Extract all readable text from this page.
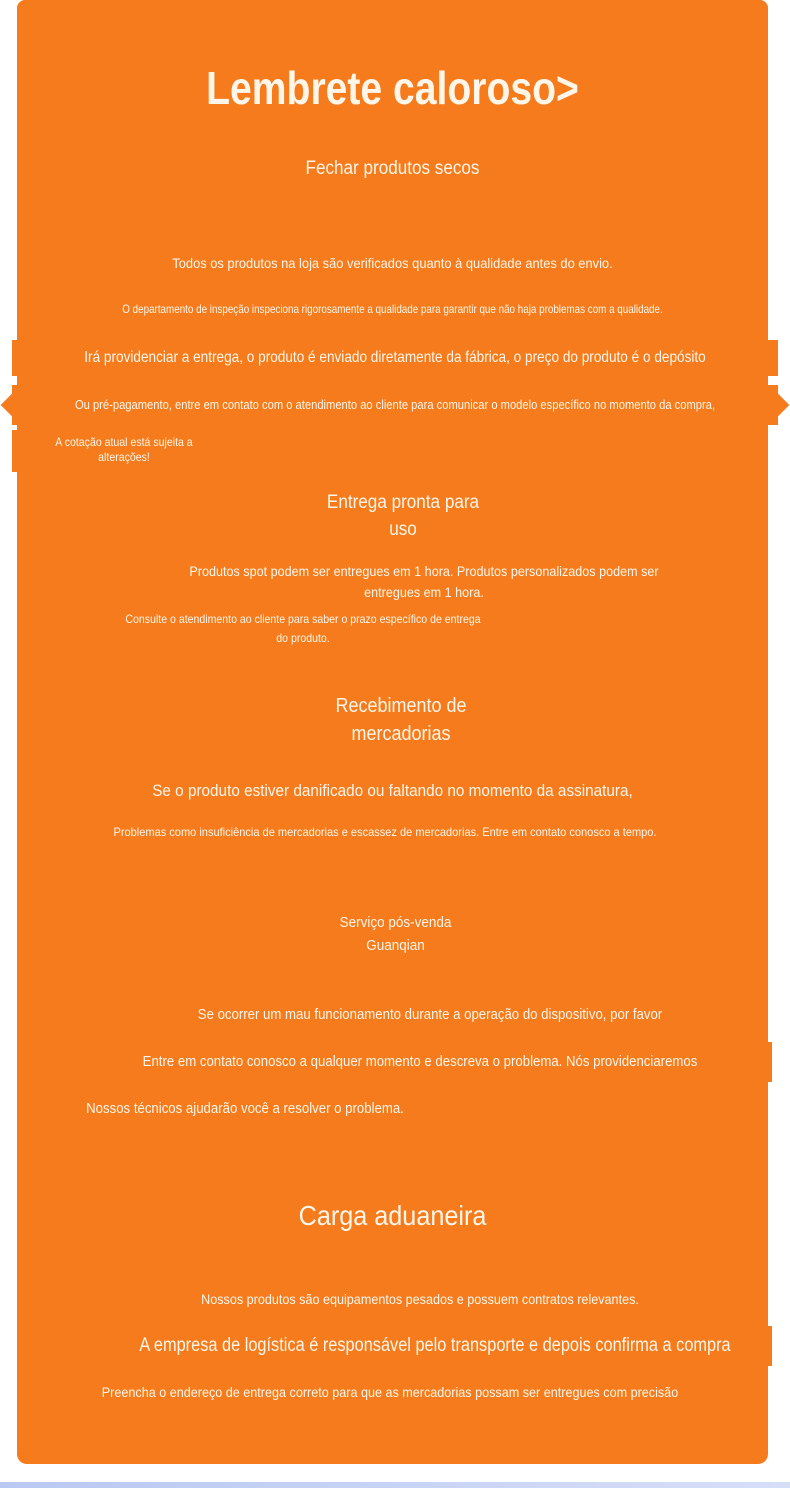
Lembrete caloroso>
Fechar produtos secos
Todos os produtos na loja são verificados quanto à qualidade antes do envio.
O departamento de inspeção inspeciona rigorosamente a qualidade para garantir que não haja problemas com a qualidade.
Irá providenciar a entrega, o produto é enviado diretamente da fábrica, o preço do produto é o depósito
Ou pré-pagamento, entre em contato com o atendimento ao cliente para comunicar o modelo específico no momento da compra,
A cotação atual está sujeita a alterações!
Entrega pronta para uso
Produtos spot podem ser entregues em 1 hora. Produtos personalizados podem ser entregues em 1 hora.
Consulte o atendimento ao cliente para saber o prazo específico de entrega do produto.
Recebimento de mercadorias
Se o produto estiver danificado ou faltando no momento da assinatura,
Problemas como insuficiência de mercadorias e escassez de mercadorias. Entre em contato conosco a tempo.
Serviço pós-venda Guanqian
Se ocorrer um mau funcionamento durante a operação do dispositivo, por favor
Entre em contato conosco a qualquer momento e descreva o problema. Nós providenciaremos
Nossos técnicos ajudarão você a resolver o problema.
Carga aduaneira
Nossos produtos são equipamentos pesados ​​e possuem contratos relevantes.
A empresa de logística é responsável pelo transporte e depois confirma a compra
Preencha o endereço de entrega correto para que as mercadorias possam ser entregues com precisão
